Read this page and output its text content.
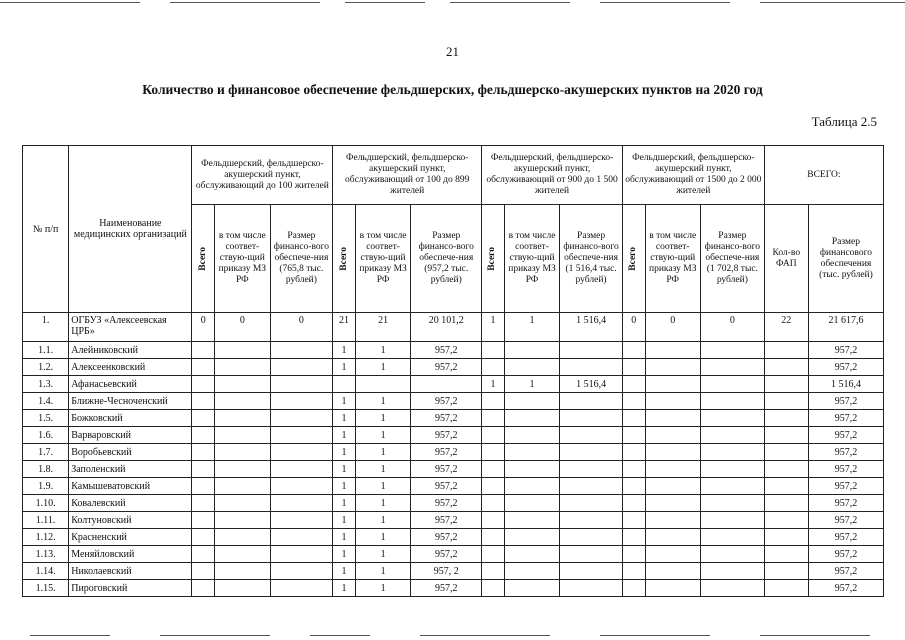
21
Количество и финансовое обеспечение фельдшерских, фельдшерско-акушерских пунктов на 2020 год
Таблица 2.5
№ п/п	Наименование медицинских организаций	Фельдшерский, фельдшерско-акушерский пункт, обслуживающий до 100 жителей			Фельдшерский, фельдшерско-акушерский пункт, обслуживающий от 100 до 899 жителей			Фельдшерский, фельдшерско-акушерский пункт, обслуживающий от 900 до 1 500 жителей			Фельдшерский, фельдшерско-акушерский пункт, обслуживающий от 1500 до 2 000 жителей			ВСЕГО:	

		Всего	в том числе соответ-ствую-щий приказу МЗ РФ	Размер финансо-вого обеспече-ния (765,8 тыс. рублей)	Всего	в том числе соответ-ствую-щий приказу МЗ РФ	Размер финансо-вого обеспече-ния (957,2 тыс. рублей)	Всего	в том числе соответ-ствую-щий приказу МЗ РФ	Размер финансо-вого обеспече-ния (1 516,4 тыс. рублей)	Всего	в том числе соответ-ствую-щий приказу МЗ РФ	Размер финансо-вого обеспече-ния (1 702,8 тыс. рублей)	Кол-во ФАП	Размер финансового обеспечения (тыс. рублей)
1.	ОГБУЗ «Алексеевская ЦРБ»	0	0	0	21	21	20 101,2	1	1	1 516,4	0	0	0	22	21 617,6
1.1.	Алейниковский				1	1	957,2								957,2
1.2.	Алексеенковский				1	1	957,2								957,2
1.3.	Афанасьевский							1	1	1 516,4					1 516,4
1.4.	Ближне-Чесноченский				1	1	957,2								957,2
1.5.	Божковский				1	1	957,2								957,2
1.6.	Варваровский				1	1	957,2								957,2
1.7.	Воробьевский				1	1	957,2								957,2
1.8.	Заполенский				1	1	957,2								957,2
1.9.	Камышеватовский				1	1	957,2								957,2
1.10.	Ковалевский				1	1	957,2								957,2
1.11.	Колтуновский				1	1	957,2								957,2
1.12.	Красненский				1	1	957,2								957,2
1.13.	Меняйловский				1	1	957,2								957,2
1.14.	Николаевский				1	1	957, 2								957,2
1.15.	Пироговский				1	1	957,2								957,2
